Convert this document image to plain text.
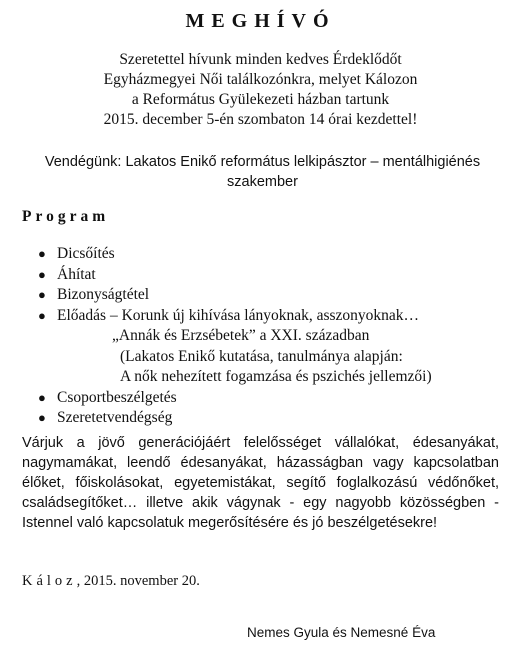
MEGHÍVÓ
Szeretettel hívunk minden kedves Érdeklődőt
Egyházmegyei Női találkozónkra, melyet Kálozon
a Református Gyülekezeti házban tartunk
2015. december 5-én szombaton 14 órai kezdettel!
Vendégünk: Lakatos Enikő református lelkipásztor – mentálhigiénés
szakember
Program
● Dicsőítés
● Áhítat
● Bizonyságtétel
● Előadás – Korunk új kihívása lányoknak, asszonyoknak…
„Annák és Erzsébetek” a XXI. században
(Lakatos Enikő kutatása, tanulmánya alapján:
A nők nehezített fogamzása és pszichés jellemzői)
● Csoportbeszélgetés
● Szeretetvendégség
Várjuk a jövő generációjáért felelősséget vállalókat, édesanyákat,
nagymamákat, leendő édesanyákat, házasságban vagy kapcsolatban
élőket, főiskolásokat, egyetemistákat, segítő foglalkozású védőnőket,
családsegítőket… illetve akik vágynak - egy nagyobb közösségben -
Istennel való kapcsolatuk megerősítésére és jó beszélgetésekre!
Káloz, 2015. november 20.
Nemes Gyula és Nemesné Éva
